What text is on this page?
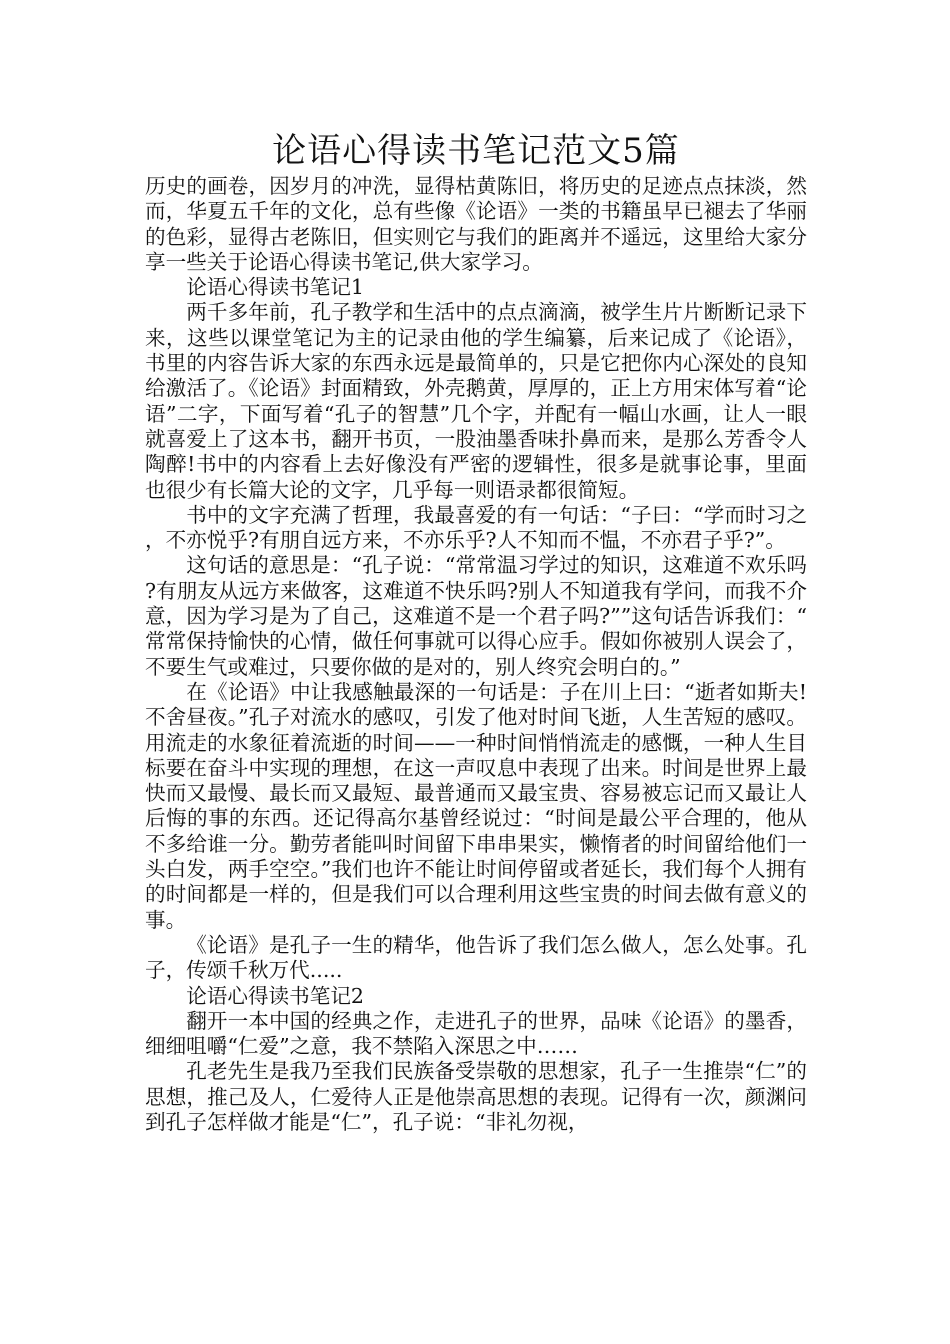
论语心得读书笔记范文5篇

历史的画卷，因岁月的冲洗，显得枯黄陈旧，将历史的足迹点点抹淡，然而，华夏五千年的文化，总有些像《论语》一类的书籍虽早已褪去了华丽的色彩，显得古老陈旧，但实则它与我们的距离并不遥远，这里给大家分享一些关于论语心得读书笔记,供大家学习。

论语心得读书笔记1

两千多年前，孔子教学和生活中的点点滴滴，被学生片片断断记录下来，这些以课堂笔记为主的记录由他的学生编纂，后来记成了《论语》，书里的内容告诉大家的东西永远是最简单的，只是它把你内心深处的良知给激活了。《论语》封面精致，外壳鹅黄，厚厚的，正上方用宋体写着“论语”二字，下面写着“孔子的智慧”几个字，并配有一幅山水画，让人一眼就喜爱上了这本书，翻开书页，一股油墨香味扑鼻而来，是那么芳香令人陶醉!书中的内容看上去好像没有严密的逻辑性，很多是就事论事，里面也很少有长篇大论的文字，几乎每一则语录都很简短。

书中的文字充满了哲理，我最喜爱的有一句话：“子曰：“学而时习之，不亦悦乎?有朋自远方来，不亦乐乎?人不知而不愠，不亦君子乎?”。

这句话的意思是：“孔子说：“常常温习学过的知识，这难道不欢乐吗?有朋友从远方来做客，这难道不快乐吗?别人不知道我有学问，而我不介意，因为学习是为了自己，这难道不是一个君子吗?””这句话告诉我们：“常常保持愉快的心情，做任何事就可以得心应手。假如你被别人误会了，不要生气或难过，只要你做的是对的，别人终究会明白的。”

在《论语》中让我感触最深的一句话是：子在川上曰：“逝者如斯夫!不舍昼夜。”孔子对流水的感叹，引发了他对时间飞逝，人生苦短的感叹。用流走的水象征着流逝的时间——一种时间悄悄流走的感慨，一种人生目标要在奋斗中实现的理想，在这一声叹息中表现了出来。时间是世界上最快而又最慢、最长而又最短、最普通而又最宝贵、容易被忘记而又最让人后悔的事的东西。还记得高尔基曾经说过：“时间是最公平合理的，他从不多给谁一分。勤劳者能叫时间留下串串果实，懒惰者的时间留给他们一头白发，两手空空。”我们也许不能让时间停留或者延长，我们每个人拥有的时间都是一样的，但是我们可以合理利用这些宝贵的时间去做有意义的事。

《论语》是孔子一生的精华，他告诉了我们怎么做人，怎么处事。孔子，传颂千秋万代.....

论语心得读书笔记2

翻开一本中国的经典之作，走进孔子的世界，品味《论语》的墨香，细细咀嚼“仁爱”之意，我不禁陷入深思之中……

孔老先生是我乃至我们民族备受崇敬的思想家，孔子一生推崇“仁”的思想，推己及人，仁爱待人正是他崇高思想的表现。记得有一次，颜渊问到孔子怎样做才能是“仁”，孔子说：“非礼勿视，
